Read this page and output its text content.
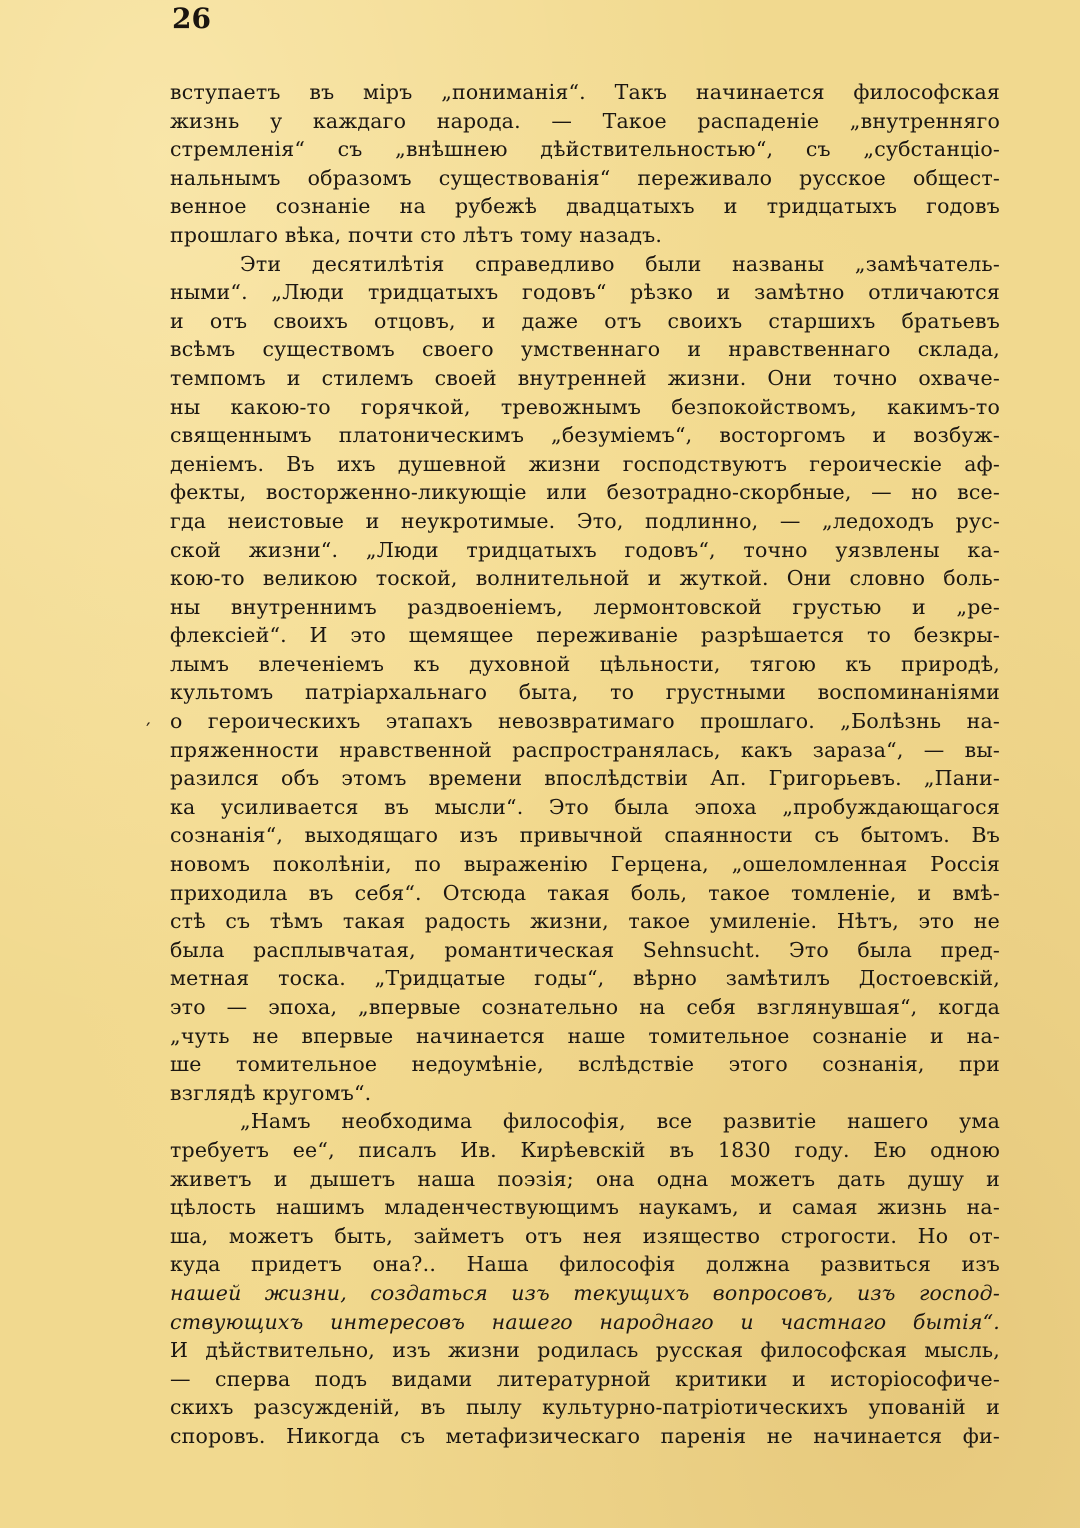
26
′
вступаетъ въ міръ „пониманія“. Такъ начинается философская
жизнь у каждаго народа. — Такое распаденіе „внутренняго
стремленія“ съ „внѣшнею дѣйствительностью“, съ „субстанціо-
нальнымъ образомъ существованія“ переживало русское общест-
венное сознаніе на рубежѣ двадцатыхъ и тридцатыхъ годовъ
прошлаго вѣка, почти сто лѣтъ тому назадъ.
Эти десятилѣтія справедливо были названы „замѣчатель-
ными“. „Люди тридцатыхъ годовъ“ рѣзко и замѣтно отличаются
и отъ своихъ отцовъ, и даже отъ своихъ старшихъ братьевъ
всѣмъ существомъ своего умственнаго и нравственнаго склада,
темпомъ и стилемъ своей внутренней жизни. Они точно охваче-
ны какою-то горячкой, тревожнымъ безпокойствомъ, какимъ-то
священнымъ платоническимъ „безуміемъ“, восторгомъ и возбуж-
деніемъ. Въ ихъ душевной жизни господствуютъ героическіе аф-
фекты, восторженно-ликующіе или безотрадно-скорбные, — но все-
гда неистовые и неукротимые. Это, подлинно, — „ледоходъ рус-
ской жизни“. „Люди тридцатыхъ годовъ“, точно уязвлены ка-
кою-то великою тоской, волнительной и жуткой. Они словно боль-
ны внутреннимъ раздвоеніемъ, лермонтовской грустью и „ре-
флексіей“. И это щемящее переживаніе разрѣшается то безкры-
лымъ влеченіемъ къ духовной цѣльности, тягою къ природѣ,
культомъ патріархальнаго быта, то грустными воспоминаніями
о героическихъ этапахъ невозвратимаго прошлаго. „Болѣзнь на-
пряженности нравственной распространялась, какъ зараза“, — вы-
разился объ этомъ времени впослѣдствіи Ап. Григорьевъ. „Пани-
ка усиливается въ мысли“. Это была эпоха „пробуждающагося
сознанія“, выходящаго изъ привычной спаянности съ бытомъ. Въ
новомъ поколѣніи, по выраженію Герцена, „ошеломленная Россія
приходила въ себя“. Отсюда такая боль, такое томленіе, и вмѣ-
стѣ съ тѣмъ такая радость жизни, такое умиленіе. Нѣтъ, это не
была расплывчатая, романтическая Sehnsucht. Это была пред-
метная тоска. „Тридцатые годы“, вѣрно замѣтилъ Достоевскій,
это — эпоха, „впервые сознательно на себя взглянувшая“, когда
„чуть не впервые начинается наше томительное сознаніе и на-
ше томительное недоумѣніе, вслѣдствіе этого сознанія, при
взглядѣ кругомъ“.
„Намъ необходима философія, все развитіе нашего ума
требуетъ ее“, писалъ Ив. Кирѣевскій въ 1830 году. Ею одною
живетъ и дышетъ наша поэзія; она одна можетъ дать душу и
цѣлость нашимъ младенчествующимъ наукамъ, и самая жизнь на-
ша, можетъ быть, займетъ отъ нея изящество строгости. Но от-
куда придетъ она?.. Наша философія должна развиться изъ
нашей жизни, создаться изъ текущихъ вопросовъ, изъ господ-
ствующихъ интересовъ нашего народнаго и частнаго бытія“.
И дѣйствительно, изъ жизни родилась русская философская мысль,
— сперва подъ видами литературной критики и исторіософиче-
скихъ разсужденій, въ пылу культурно-патріотическихъ упованій и
споровъ. Никогда съ метафизическаго паренія не начинается фи-
